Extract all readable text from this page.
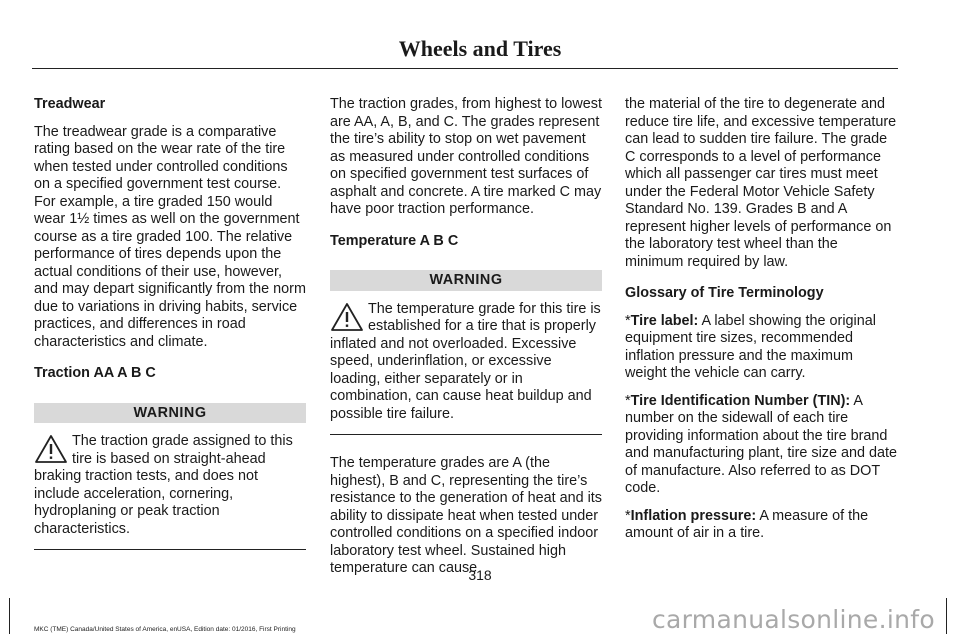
Wheels and Tires

Treadwear

The treadwear grade is a comparative rating based on the wear rate of the tire when tested under controlled conditions on a specified government test course. For example, a tire graded 150 would wear 1½ times as well on the government course as a tire graded 100. The relative performance of tires depends upon the actual conditions of their use, however, and may depart significantly from the norm due to variations in driving habits, service practices, and differences in road characteristics and climate.

Traction AA A B C

WARNING

The traction grade assigned to this tire is based on straight-ahead braking traction tests, and does not include acceleration, cornering, hydroplaning or peak traction characteristics.

The traction grades, from highest to lowest are AA, A, B, and C. The grades represent the tire’s ability to stop on wet pavement as measured under controlled conditions on specified government test surfaces of asphalt and concrete. A tire marked C may have poor traction performance.

Temperature A B C

WARNING

The temperature grade for this tire is established for a tire that is properly inflated and not overloaded. Excessive speed, underinflation, or excessive loading, either separately or in combination, can cause heat buildup and possible tire failure.

The temperature grades are A (the highest), B and C, representing the tire’s resistance to the generation of heat and its ability to dissipate heat when tested under controlled conditions on a specified indoor laboratory test wheel. Sustained high temperature can cause

the material of the tire to degenerate and reduce tire life, and excessive temperature can lead to sudden tire failure. The grade C corresponds to a level of performance which all passenger car tires must meet under the Federal Motor Vehicle Safety Standard No. 139. Grades B and A represent higher levels of performance on the laboratory test wheel than the minimum required by law.

Glossary of Tire Terminology

*Tire label: A label showing the original equipment tire sizes, recommended inflation pressure and the maximum weight the vehicle can carry.

*Tire Identification Number (TIN): A number on the sidewall of each tire providing information about the tire brand and manufacturing plant, tire size and date of manufacture. Also referred to as DOT code.

*Inflation pressure: A measure of the amount of air in a tire.

318
MKC (TME) Canada/United States of America, enUSA, Edition date: 01/2016, First Printing	carmanualsonline.info
